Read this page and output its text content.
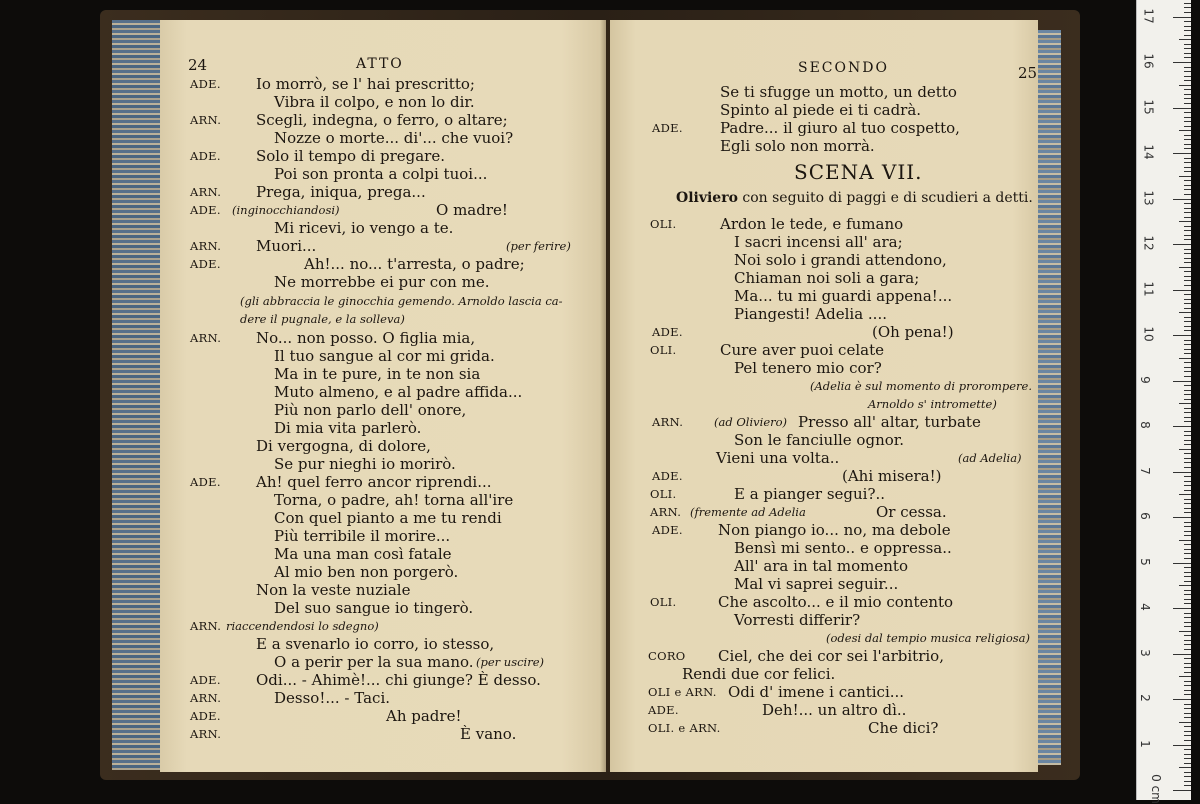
24	ATTO
ADE. Io morrò, se l' hai prescritto;
Vibra il colpo, e non lo dir.
ARN. Scegli, indegna, o ferro, o altare;
Nozze o morte... di'... che vuoi?
ADE. Solo il tempo di pregare.
Poi son pronta a colpi tuoi...
ARN. Prega, iniqua, prega...
ADE. (inginocchiandosi)	O madre!
Mi ricevi, io vengo a te.
ARN. Muori...	(per ferire)
ADE.	Ah!... no... t'arresta, o padre;
Ne morrebbe ei pur con me.
(gli abbraccia le ginocchia gemendo. Arnoldo lascia ca-
dere il pugnale, e la solleva)
ARN. No... non posso. O figlia mia,
Il tuo sangue al cor mi grida.
Ma in te pure, in te non sia
Muto almeno, e al padre affida...
Più non parlo dell' onore,
Di mia vita parlerò.
Di vergogna, di dolore,
Se pur nieghi io morirò.
ADE. Ah! quel ferro ancor riprendi...
Torna, o padre, ah! torna all'ire
Con quel pianto a me tu rendi
Più terribile il morire...
Ma una man così fatale
Al mio ben non porgerò.
Non la veste nuziale
Del suo sangue io tingerò.
ARN. riaccendendosi lo sdegno)
E a svenarlo io corro, io stesso,
O a perir per la sua mano. (per uscire)
ADE. Odi... - Ahimè!... chi giunge? È desso.
ARN.	Desso!... - Taci.
ADE.	Ah padre!
ARN.	È vano.
SECONDO	25
SCENA VII.
Oliviero con seguito di paggi e di scudieri a detti.
Se ti sfugge un motto, un detto
Spinto al piede ei ti cadrà.
ADE. Padre... il giuro al tuo cospetto,
Egli solo non morrà.
OLI.	Ardon le tede, e fumano
I sacri incensi all' ara;
Noi solo i grandi attendono,
Chiaman noi soli a gara;
Ma... tu mi guardi appena!...
Piangesti! Adelia ....
ADE.	(Oh pena!)
OLI.	Cure aver puoi celate
Pel tenero mio cor?
(Adelia è sul momento di prorompere.
Arnoldo s' intromette)
ARN.	(ad Oliviero) Presso all' altar, turbate
Son le fanciulle ognor.
Vieni una volta..	(ad Adelia)
ADE.	(Ahi misera!)
OLI.	E a pianger segui?..
ARN. (fremente ad Adelia	Or cessa.
ADE. Non piango io... no, ma debole
Bensì mi sento.. e oppressa..
All' ara in tal momento
Mal vi saprei seguir...
OLI.	Che ascolto... e il mio contento
Vorresti differir?
(odesi dal tempio musica religiosa)
CORO Ciel, che dei cor sei l'arbitrio,
Rendi due cor felici.
OLI e ARN. Odi d' imene i cantici...
ADE.	Deh!... un altro dì..
OLI. e ARN.	Che dici?
0 cm
1
2
3
4
5
6
7
8
9
10
11
12
13
14
15
16
17
